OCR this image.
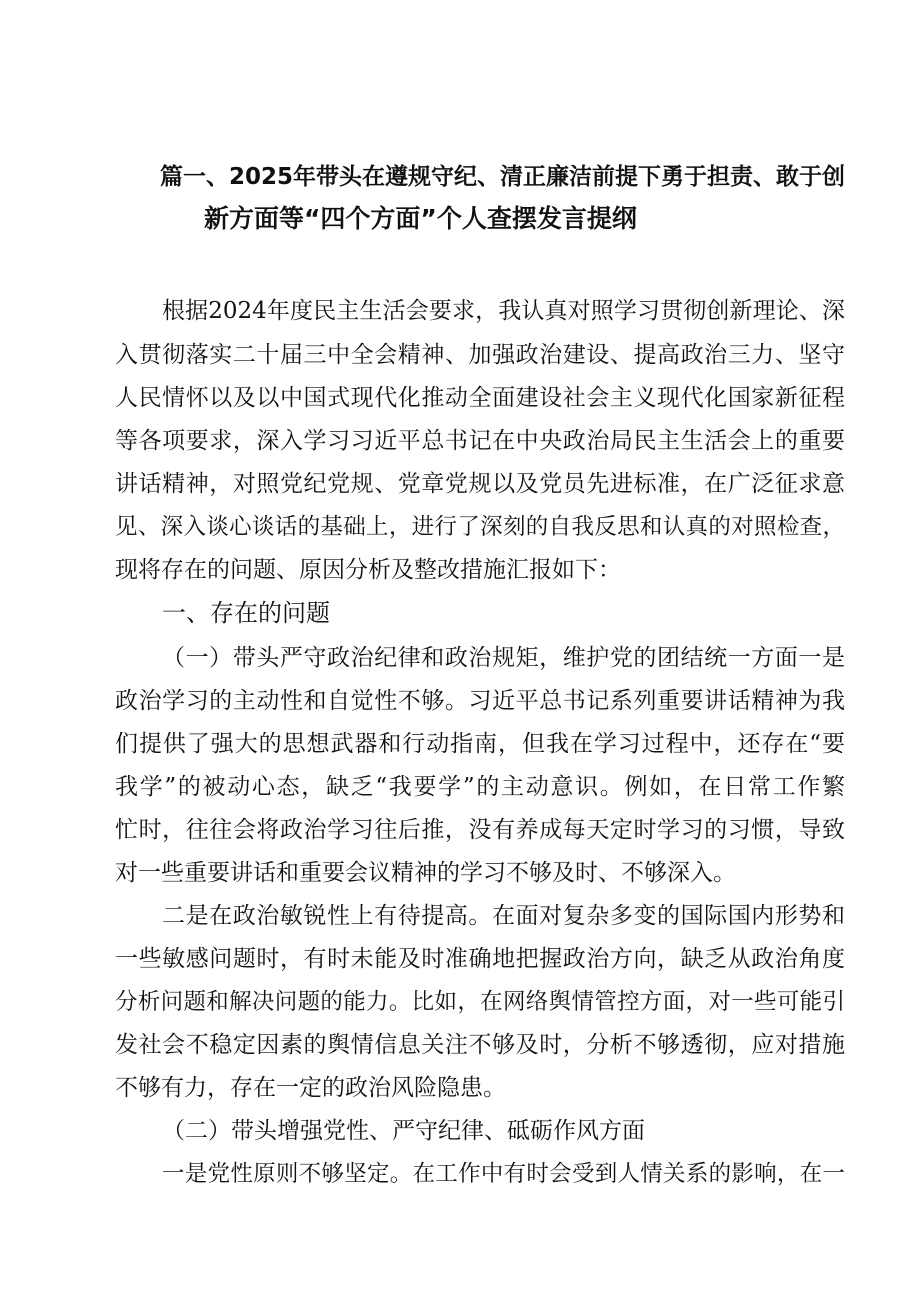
篇一、2025年带头在遵规守纪、清正廉洁前提下勇于担责、敢于创
新方面等“四个方面”个人查摆发言提纲
根据2024年度民主生活会要求，我认真对照学习贯彻创新理论、深
入贯彻落实二十届三中全会精神、加强政治建设、提高政治三力、坚守
人民情怀以及以中国式现代化推动全面建设社会主义现代化国家新征程
等各项要求，深入学习习近平总书记在中央政治局民主生活会上的重要
讲话精神，对照党纪党规、党章党规以及党员先进标准，在广泛征求意
见、深入谈心谈话的基础上，进行了深刻的自我反思和认真的对照检查，
现将存在的问题、原因分析及整改措施汇报如下：
一、存在的问题
（一）带头严守政治纪律和政治规矩，维护党的团结统一方面一是
政治学习的主动性和自觉性不够。习近平总书记系列重要讲话精神为我
们提供了强大的思想武器和行动指南，但我在学习过程中，还存在“要
我学”的被动心态，缺乏“我要学”的主动意识。例如，在日常工作繁
忙时，往往会将政治学习往后推，没有养成每天定时学习的习惯，导致
对一些重要讲话和重要会议精神的学习不够及时、不够深入。
二是在政治敏锐性上有待提高。在面对复杂多变的国际国内形势和
一些敏感问题时，有时未能及时准确地把握政治方向，缺乏从政治角度
分析问题和解决问题的能力。比如，在网络舆情管控方面，对一些可能引
发社会不稳定因素的舆情信息关注不够及时，分析不够透彻，应对措施
不够有力，存在一定的政治风险隐患。
（二）带头增强党性、严守纪律、砥砺作风方面
一是党性原则不够坚定。在工作中有时会受到人情关系的影响，在一
